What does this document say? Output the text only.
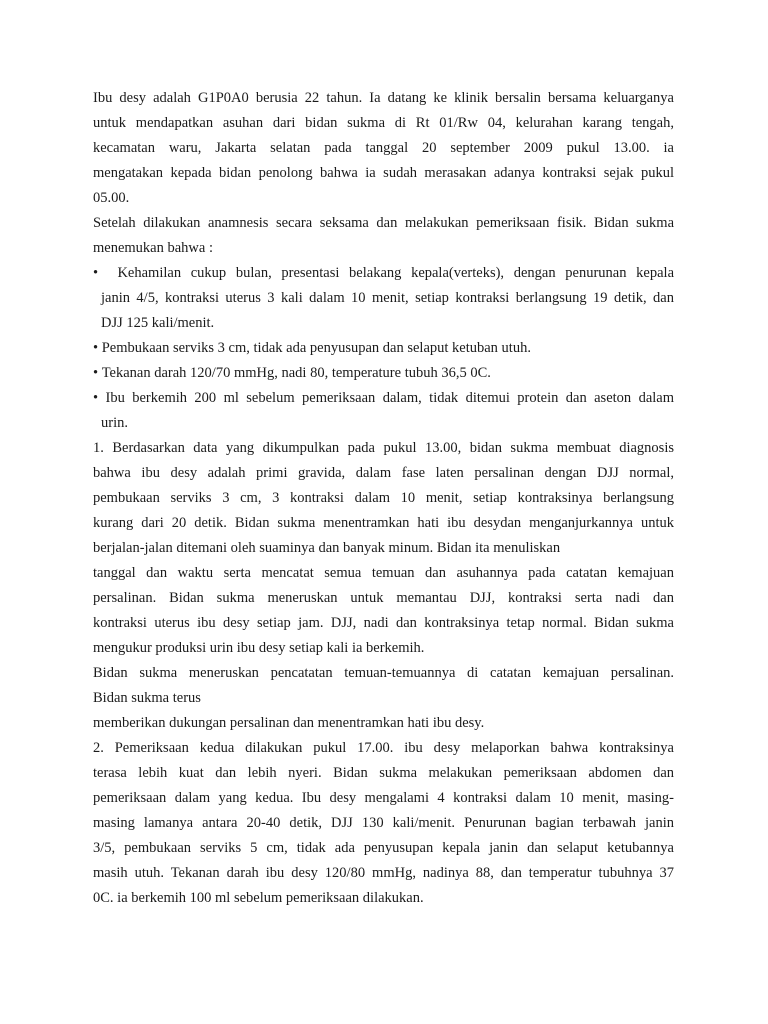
Ibu desy adalah G1P0A0 berusia 22 tahun. Ia datang ke klinik bersalin bersama keluarganya
untuk mendapatkan asuhan dari bidan sukma di Rt 01/Rw 04, kelurahan karang tengah,
kecamatan waru, Jakarta selatan pada tanggal 20 september 2009 pukul 13.00. ia
mengatakan kepada bidan penolong bahwa ia sudah merasakan adanya kontraksi sejak pukul
05.00.

Setelah dilakukan anamnesis secara seksama dan melakukan pemeriksaan fisik. Bidan sukma
menemukan bahwa :

• Kehamilan cukup bulan, presentasi belakang kepala(verteks), dengan penurunan kepala
janin 4/5, kontraksi uterus 3 kali dalam 10 menit, setiap kontraksi berlangsung 19 detik, dan
DJJ 125 kali/menit.
• Pembukaan serviks 3 cm, tidak ada penyusupan dan selaput ketuban utuh.
• Tekanan darah 120/70 mmHg, nadi 80, temperature tubuh 36,5 0C.
• Ibu berkemih 200 ml sebelum pemeriksaan dalam, tidak ditemui protein dan aseton dalam
urin.

1. Berdasarkan data yang dikumpulkan pada pukul 13.00, bidan sukma membuat diagnosis
bahwa ibu desy adalah primi gravida, dalam fase laten persalinan dengan DJJ normal,
pembukaan serviks 3 cm, 3 kontraksi dalam 10 menit, setiap kontraksinya berlangsung
kurang dari 20 detik. Bidan sukma menentramkan hati ibu desydan menganjurkannya untuk
berjalan-jalan ditemani oleh suaminya dan banyak minum. Bidan ita menuliskan

tanggal dan waktu serta mencatat semua temuan dan asuhannya pada catatan kemajuan
persalinan. Bidan sukma meneruskan untuk memantau DJJ, kontraksi serta nadi dan
kontraksi uterus ibu desy setiap jam. DJJ, nadi dan kontraksinya tetap normal. Bidan sukma
mengukur produksi urin ibu desy setiap kali ia berkemih.

Bidan sukma meneruskan pencatatan temuan-temuannya di catatan kemajuan persalinan.
Bidan sukma terus

memberikan dukungan persalinan dan menentramkan hati ibu desy.

2. Pemeriksaan kedua dilakukan pukul 17.00. ibu desy melaporkan bahwa kontraksinya
terasa lebih kuat dan lebih nyeri. Bidan sukma melakukan pemeriksaan abdomen dan
pemeriksaan dalam yang kedua. Ibu desy mengalami 4 kontraksi dalam 10 menit, masing-
masing lamanya antara 20-40 detik, DJJ 130 kali/menit. Penurunan bagian terbawah janin
3/5, pembukaan serviks 5 cm, tidak ada penyusupan kepala janin dan selaput ketubannya
masih utuh. Tekanan darah ibu desy 120/80 mmHg, nadinya 88, dan temperatur tubuhnya 37
0C. ia berkemih 100 ml sebelum pemeriksaan dilakukan.
